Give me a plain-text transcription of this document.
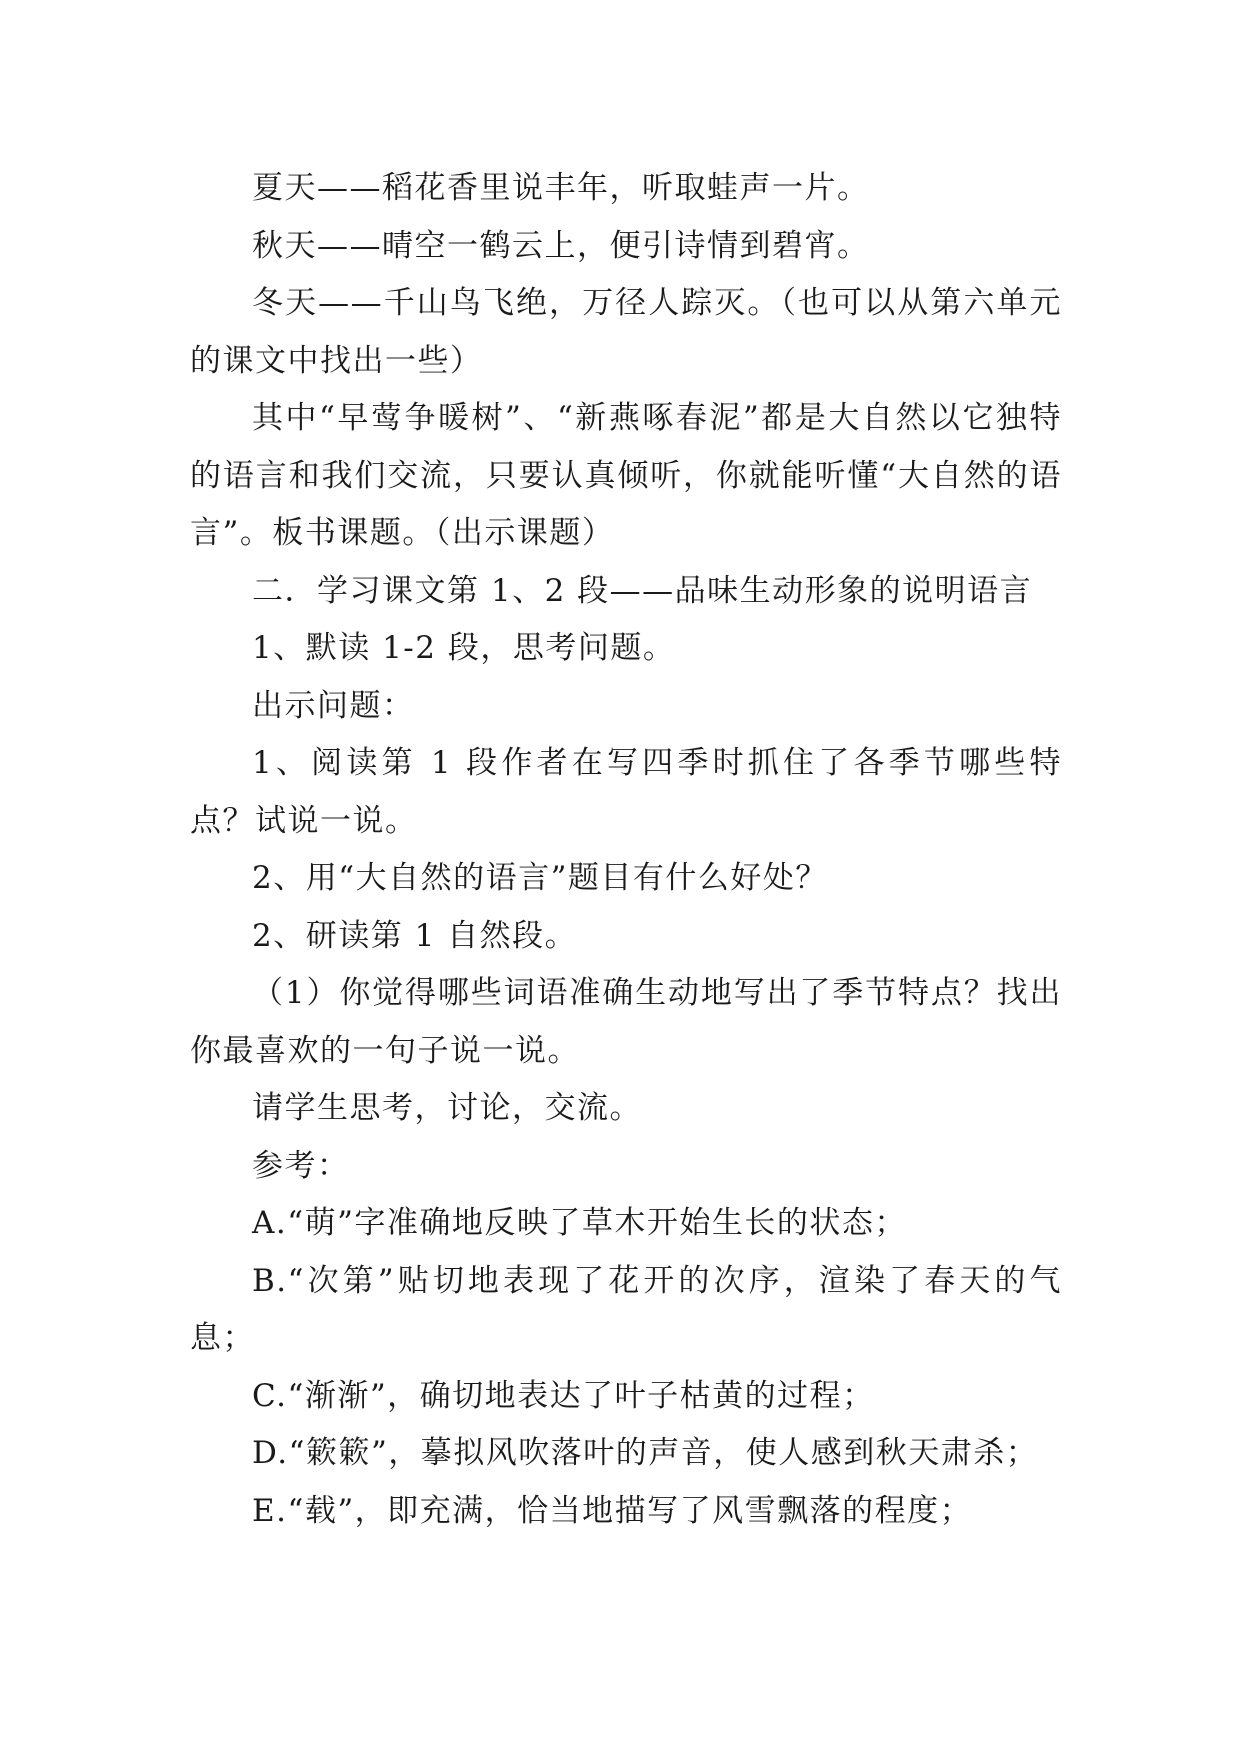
夏天——稻花香里说丰年，听取蛙声一片。

秋天——晴空一鹤云上，便引诗情到碧宵。

冬天——千山鸟飞绝，万径人踪灭。（也可以从第六单元的课文中找出一些）

其中“早莺争暖树”、“新燕啄春泥”都是大自然以它独特的语言和我们交流，只要认真倾听，你就能听懂“大自然的语言”。板书课题。（出示课题）

二．学习课文第 1、2 段——品味生动形象的说明语言

1、默读 1-2 段，思考问题。

出示问题：

1、阅读第 1 段作者在写四季时抓住了各季节哪些特点？试说一说。

2、用“大自然的语言”题目有什么好处？

2、研读第 1 自然段。

（1）你觉得哪些词语准确生动地写出了季节特点？找出你最喜欢的一句子说一说。

请学生思考，讨论，交流。

参考：

A.“萌”字准确地反映了草木开始生长的状态；

B.“次第”贴切地表现了花开的次序，渲染了春天的气息；

C.“渐渐”，确切地表达了叶子枯黄的过程；

D.“簌簌”，摹拟风吹落叶的声音，使人感到秋天肃杀；

E.“载”，即充满，恰当地描写了风雪飘落的程度；
